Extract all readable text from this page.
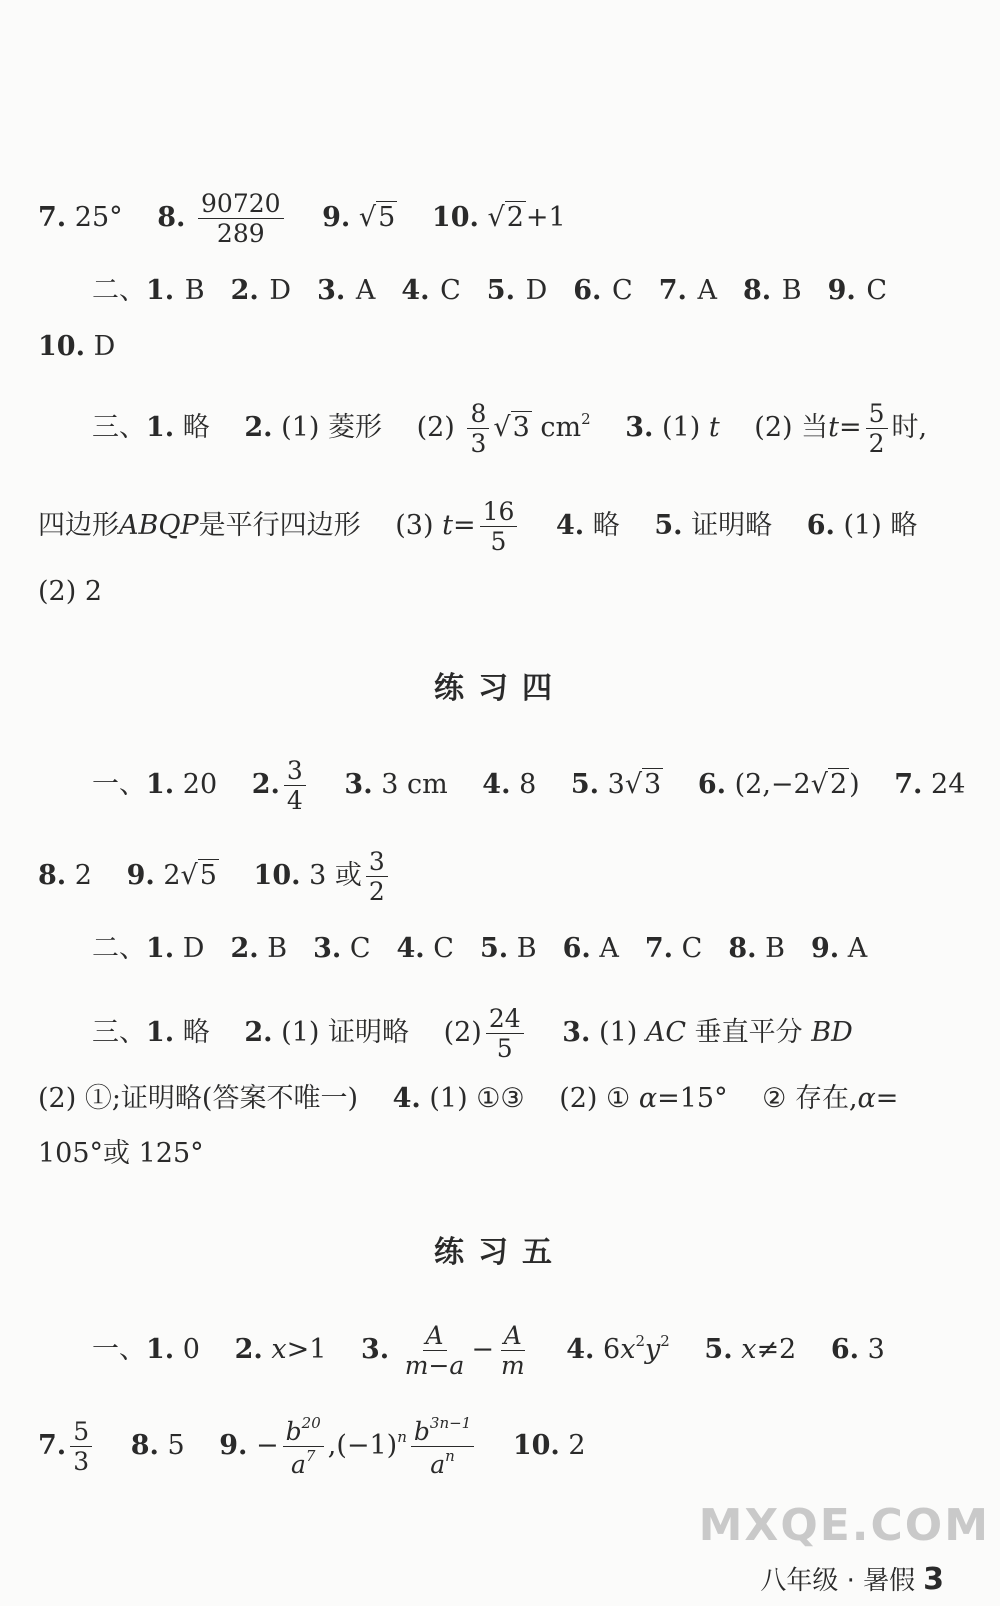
7. 25° 8. $\frac{90720}{289} 9$. √5 10. √2+1
二、1. B 2. D 3. A 4. C 5. D 6. C 7. A 8. B 9. C
10. D
三、1. 略 2. (1) 菱形 $(2) \frac{8}{3} √3$ $cm^2$ 3. (1) t (2) 当$t= \frac{5}{2}$ 时,
四边形ABQP是平行四边形 (3) $t= \frac{16}{5} 4$. 略 5. 证明略 6. (1) 略
(2) 2
练习四
一、1. 20 2. $\frac{3}{4} 3$. 3 cm 4. 8 5. 3√3 6. (2,−2√2) 7. 24
8. 2 9. 2√5 10. 3 或 $\frac{3}{2}$
二、1. D 2. B 3. C 4. C 5. B 6. A 7. C 8. B 9. A
三、1. 略 2. (1) 证明略 $(2) \frac{24}{5} 3$. (1) AC 垂直平分 BD
(2) ①;证明略(答案不唯一) 4. (1) ①③ (2) ① α=15° ② 存在,α=
105°或 125°
练习五
一、1. 0 2. x>1 3. $\frac{A}{m-a} - \frac{A}{m} 4$. $6x^2y^2$ 5. x≠2 6. 3
7. $\frac{5}{3} 8$. 5 9. − $\frac{b^{20}}{a^7} ,(-1)^n \frac{b^{3n-1}}{a^n} 10$. 2
MXQE.COM
八年级 · 暑假 3
